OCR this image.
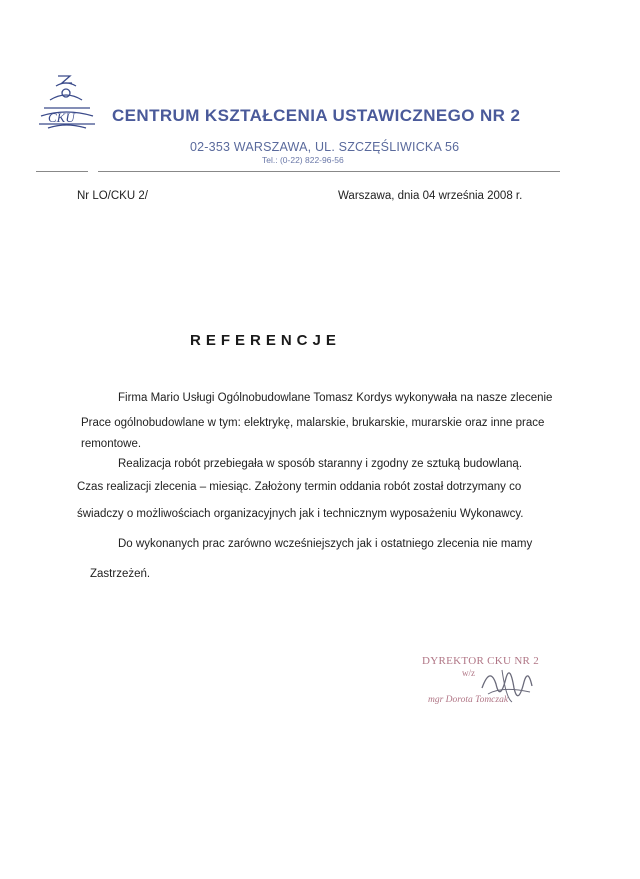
CKU CENTRUM KSZTAŁCENIA USTAWICZNEGO NR 2
02-353 WARSZAWA, UL. SZCZĘŚLIWICKA 56
Tel.: (0-22) 822-96-56
Nr LO/CKU 2/	Warszawa, dnia 04 września 2008 r.
REFERENCJE
Firma Mario Usługi Ogólnobudowlane Tomasz Kordys wykonywała na nasze zlecenie
Prace ogólnobudowlane w tym: elektrykę, malarskie, brukarskie, murarskie oraz inne prace
remontowe.
Realizacja robót przebiegała w sposób staranny i zgodny ze sztuką budowlaną.
Czas realizacji zlecenia – miesiąc. Założony termin oddania robót został dotrzymany co
świadczy o możliwościach organizacyjnych jak i technicznym wyposażeniu Wykonawcy.
Do wykonanych prac zarówno wcześniejszych jak i ostatniego zlecenia nie mamy
Zastrzeżeń.
DYREKTOR CKU NR 2
w/z
mgr Dorota Tomczak
